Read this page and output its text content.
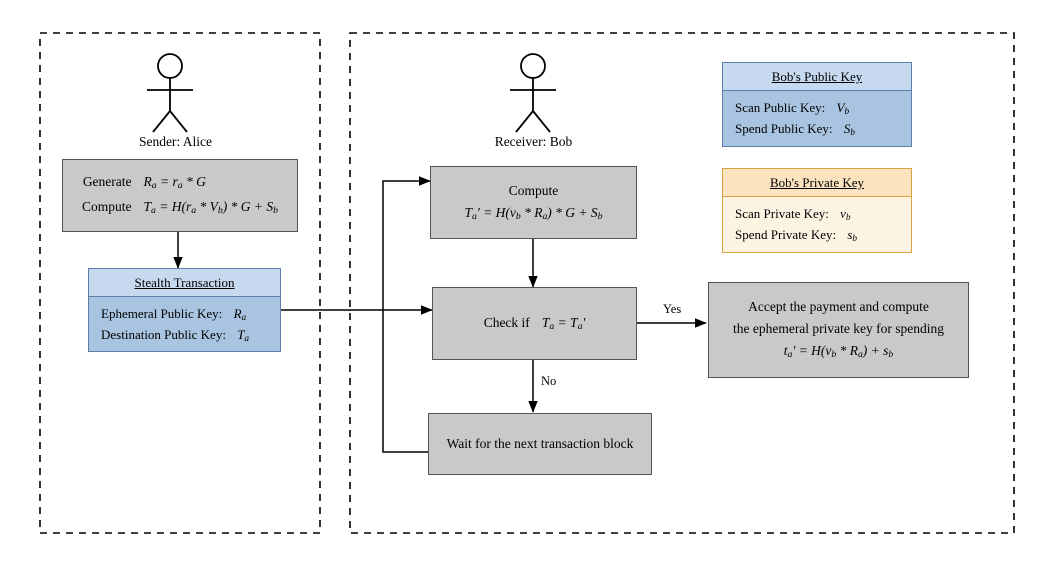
Sender: Alice	Receiver: Bob
Generate $R_a = r_a * G$
Compute $T_a = H(r_a * V_b) * G + S_b$
Stealth Transaction
Ephemeral Public Key: $R_a$
Destination Public Key: $T_a$
Compute
$T_a' = H(v_b * R_a) * G + S_b$
Check if $T_a = T_a'$
Yes
No
Wait for the next transaction block
Accept the payment and compute
the ephemeral private key for spending
$t_a' = H(v_b * R_a) + s_b$
Bob's Public Key
Scan Public Key: $V_b$
Spend Public Key: $S_b$
Bob's Private Key
Scan Private Key: $v_b$
Spend Private Key: $s_b$
